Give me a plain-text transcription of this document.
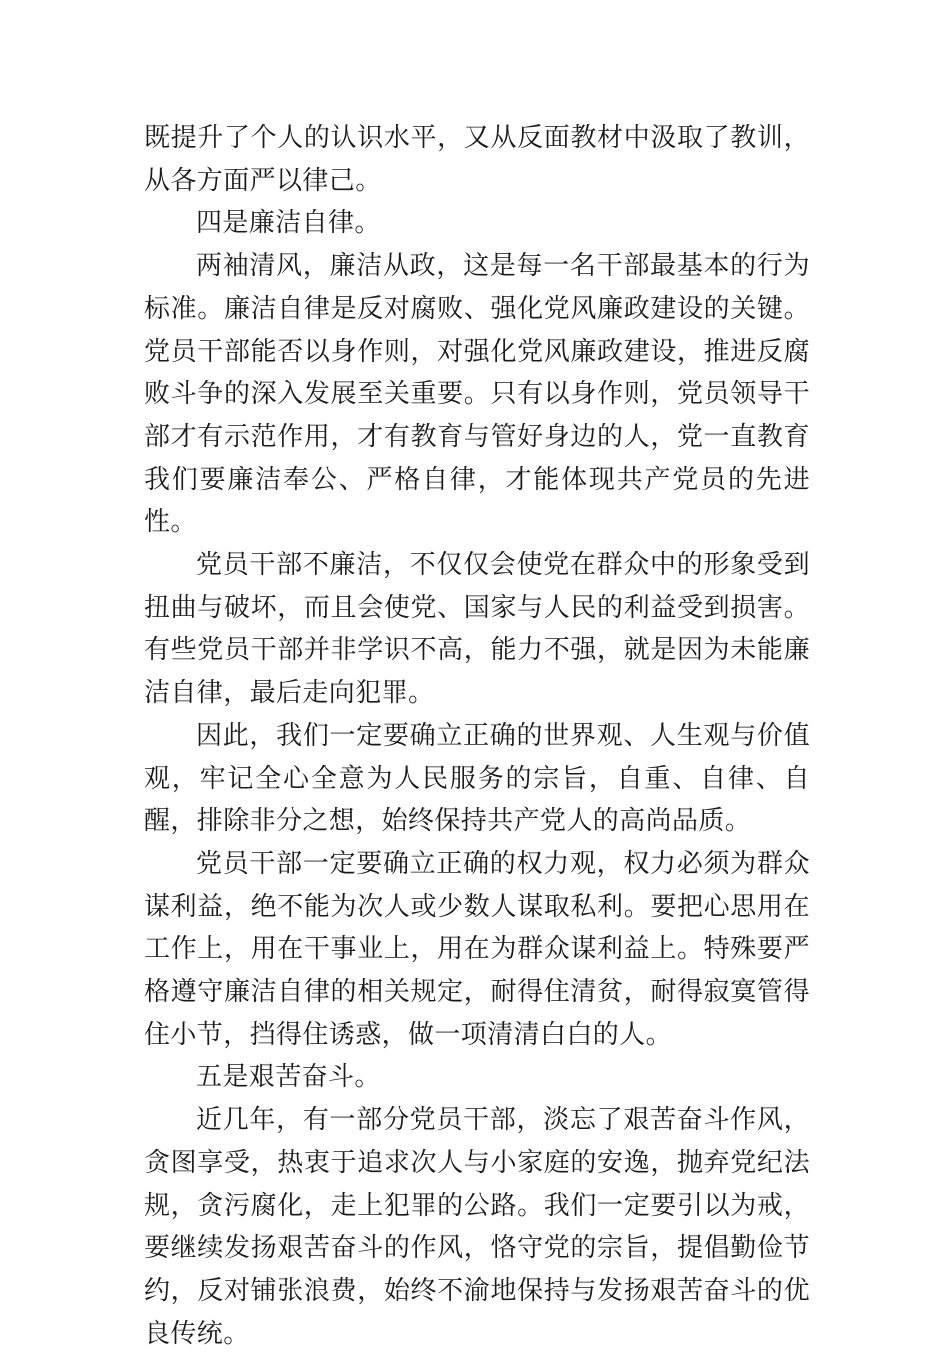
既提升了个人的认识水平，又从反面教材中汲取了教训，从各方面严以律己。

四是廉洁自律。

两袖清风，廉洁从政，这是每一名干部最基本的行为标准。廉洁自律是反对腐败、强化党风廉政建设的关键。党员干部能否以身作则，对强化党风廉政建设，推进反腐败斗争的深入发展至关重要。只有以身作则，党员领导干部才有示范作用，才有教育与管好身边的人，党一直教育我们要廉洁奉公、严格自律，才能体现共产党员的先进性。

党员干部不廉洁，不仅仅会使党在群众中的形象受到扭曲与破坏，而且会使党、国家与人民的利益受到损害。有些党员干部并非学识不高，能力不强，就是因为未能廉洁自律，最后走向犯罪。

因此，我们一定要确立正确的世界观、人生观与价值观，牢记全心全意为人民服务的宗旨，自重、自律、自醒，排除非分之想，始终保持共产党人的高尚品质。

党员干部一定要确立正确的权力观，权力必须为群众谋利益，绝不能为次人或少数人谋取私利。要把心思用在工作上，用在干事业上，用在为群众谋利益上。特殊要严格遵守廉洁自律的相关规定，耐得住清贫，耐得寂寞管得住小节，挡得住诱惑，做一项清清白白的人。

五是艰苦奋斗。

近几年，有一部分党员干部，淡忘了艰苦奋斗作风，贪图享受，热衷于追求次人与小家庭的安逸，抛弃党纪法规，贪污腐化，走上犯罪的公路。我们一定要引以为戒，要继续发扬艰苦奋斗的作风，恪守党的宗旨，提倡勤俭节约，反对铺张浪费，始终不渝地保持与发扬艰苦奋斗的优良传统。
